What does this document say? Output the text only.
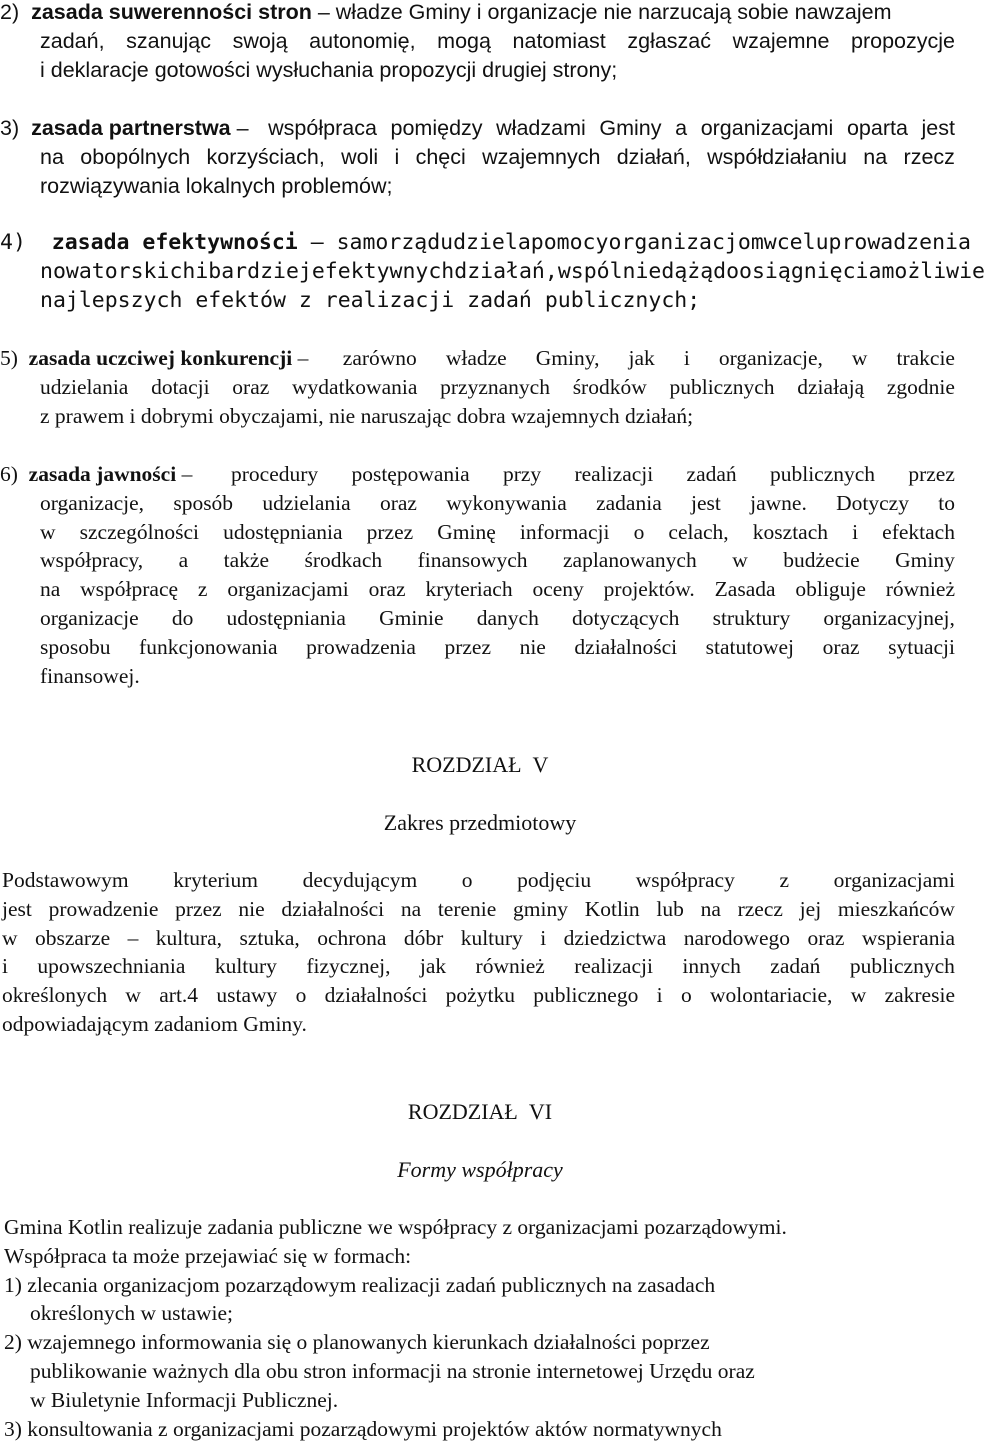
2)  zasada suwerenności stron – władze Gminy i organizacje nie narzucają sobie nawzajem
zadań, szanując swoją autonomię, mogą natomiast zgłaszać wzajemne propozycje
i deklaracje gotowości wysłuchania propozycji drugiej strony;
3)  zasada partnerstwa – współpraca pomiędzy władzami Gminy a organizacjami oparta jest
na obopólnych korzyściach, woli i chęci wzajemnych działań, współdziałaniu na rzecz
rozwiązywania lokalnych problemów;
4)  zasada efektywności – samorząd udziela pomocy organizacjom w celu prowadzenia
nowatorskich i bardziej efektywnych działań, wspólnie dążą do osiągnięcia możliwie
najlepszych efektów z realizacji zadań publicznych;
5)  zasada uczciwej konkurencji – zarówno władze Gminy, jak i organizacje, w trakcie
udzielania dotacji oraz wydatkowania przyznanych środków publicznych działają zgodnie
z prawem i dobrymi obyczajami, nie naruszając dobra wzajemnych działań;
6)  zasada jawności – procedury postępowania przy realizacji zadań publicznych przez
organizacje, sposób udzielania oraz wykonywania zadania jest jawne. Dotyczy to
w szczególności udostępniania przez Gminę informacji o celach, kosztach i efektach
współpracy, a także środkach finansowych zaplanowanych w budżecie Gminy
na współpracę z organizacjami oraz kryteriach oceny projektów. Zasada obliguje również
organizacje do udostępniania Gminie danych dotyczących struktury organizacyjnej,
sposobu funkcjonowania prowadzenia przez nie działalności statutowej oraz sytuacji
finansowej.
ROZDZIAŁ  V
Zakres przedmiotowy
Podstawowym kryterium decydującym o podjęciu współpracy z organizacjami
jest prowadzenie przez nie działalności na terenie gminy Kotlin lub na rzecz jej mieszkańców
w obszarze – kultura, sztuka, ochrona dóbr kultury i dziedzictwa narodowego oraz wspierania
i upowszechniania kultury fizycznej, jak również realizacji innych zadań publicznych
określonych w art.4 ustawy o działalności pożytku publicznego i o wolontariacie, w zakresie
odpowiadającym zadaniom Gminy.
ROZDZIAŁ  VI
Formy współpracy
Gmina Kotlin realizuje zadania publiczne we współpracy z organizacjami pozarządowymi.
Współpraca ta może przejawiać się w formach:
1) zlecania organizacjom pozarządowym realizacji zadań publicznych na zasadach
określonych w ustawie;
2) wzajemnego informowania się o planowanych kierunkach działalności poprzez
publikowanie ważnych dla obu stron informacji na stronie internetowej Urzędu oraz
w Biuletynie Informacji Publicznej.
3) konsultowania z organizacjami pozarządowymi projektów aktów normatywnych
